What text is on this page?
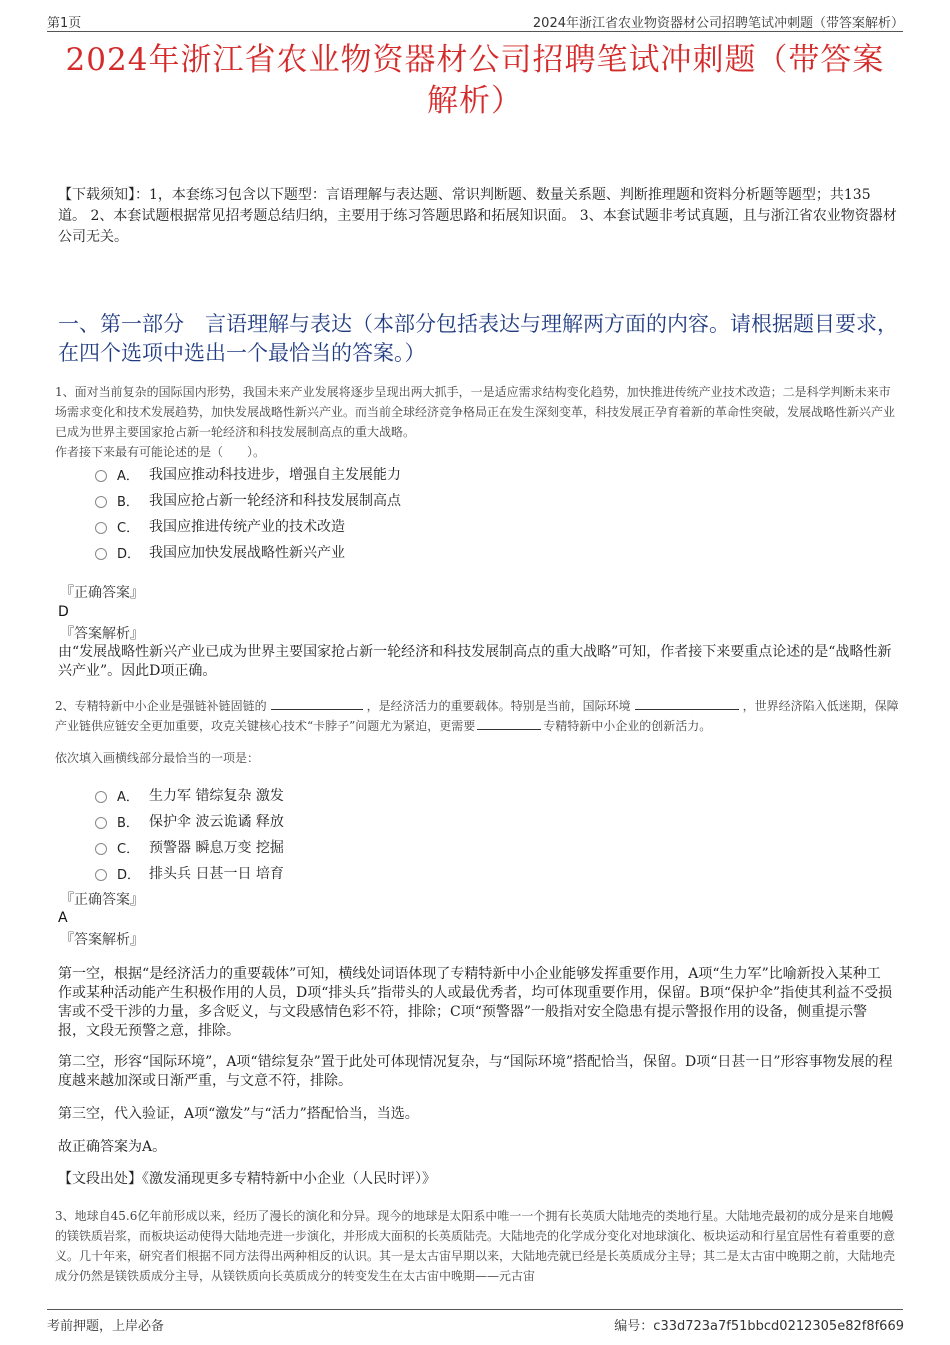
第1页	2024年浙江省农业物资器材公司招聘笔试冲刺题（带答案解析）
2024年浙江省农业物资器材公司招聘笔试冲刺题（带答案解析）
【下载须知】：1，本套练习包含以下题型：言语理解与表达题、常识判断题、数量关系题、判断推理题和资料分析题等题型；共135道。 2、本套试题根据常见招考题总结归纳，主要用于练习答题思路和拓展知识面。 3、本套试题非考试真题，且与浙江省农业物资器材公司无关。
一、第一部分　言语理解与表达（本部分包括表达与理解两方面的内容。请根据题目要求，在四个选项中选出一个最恰当的答案。）
1、面对当前复杂的国际国内形势，我国未来产业发展将逐步呈现出两大抓手，一是适应需求结构变化趋势，加快推进传统产业技术改造；二是科学判断未来市场需求变化和技术发展趋势，加快发展战略性新兴产业。而当前全球经济竞争格局正在发生深刻变革，科技发展正孕育着新的革命性突破，发展战略性新兴产业已成为世界主要国家抢占新一轮经济和科技发展制高点的重大战略。
作者接下来最有可能论述的是（　　）。
A． 我国应推动科技进步，增强自主发展能力
B． 我国应抢占新一轮经济和科技发展制高点
C． 我国应推进传统产业的技术改造
D． 我国应加快发展战略性新兴产业
『正确答案』
D
『答案解析』
由“发展战略性新兴产业已成为世界主要国家抢占新一轮经济和科技发展制高点的重大战略”可知，作者接下来要重点论述的是“战略性新兴产业”。因此D项正确。
2、专精特新中小企业是强链补链固链的	，是经济活力的重要载体。特别是当前，国际环境	，世界经济陷入低迷期，保障产业链供应链安全更加重要，攻克关键核心技术“卡脖子”问题尤为紧迫，更需要	专精特新中小企业的创新活力。
依次填入画横线部分最恰当的一项是：
A． 生力军 错综复杂 激发
B． 保护伞 波云诡谲 释放
C． 预警器 瞬息万变 挖掘
D． 排头兵 日甚一日 培育
『正确答案』
A
『答案解析』
第一空，根据“是经济活力的重要载体”可知，横线处词语体现了专精特新中小企业能够发挥重要作用，A项“生力军”比喻新投入某种工作或某种活动能产生积极作用的人员，D项“排头兵”指带头的人或最优秀者，均可体现重要作用，保留。B项“保护伞”指使其利益不受损害或不受干涉的力量，多含贬义，与文段感情色彩不符，排除；C项“预警器”一般指对安全隐患有提示警报作用的设备，侧重提示警报，文段无预警之意，排除。
第二空，形容“国际环境”，A项“错综复杂”置于此处可体现情况复杂，与“国际环境”搭配恰当，保留。D项“日甚一日”形容事物发展的程度越来越加深或日渐严重，与文意不符，排除。
第三空，代入验证，A项“激发”与“活力”搭配恰当，当选。
故正确答案为A。
【文段出处】《激发涌现更多专精特新中小企业（人民时评）》
3、地球自45.6亿年前形成以来，经历了漫长的演化和分异。现今的地球是太阳系中唯一一个拥有长英质大陆地壳的类地行星。大陆地壳最初的成分是来自地幔的镁铁质岩浆，而板块运动使得大陆地壳进一步演化，并形成大面积的长英质陆壳。大陆地壳的化学成分变化对地球演化、板块运动和行星宜居性有着重要的意义。几十年来，研究者们根据不同方法得出两种相反的认识。其一是太古宙早期以来，大陆地壳就已经是长英质成分主导；其二是太古宙中晚期之前，大陆地壳成分仍然是镁铁质成分主导，从镁铁质向长英质成分的转变发生在太古宙中晚期——元古宙
考前押题，上岸必备	编号：c33d723a7f51bbcd0212305e82f8f669
